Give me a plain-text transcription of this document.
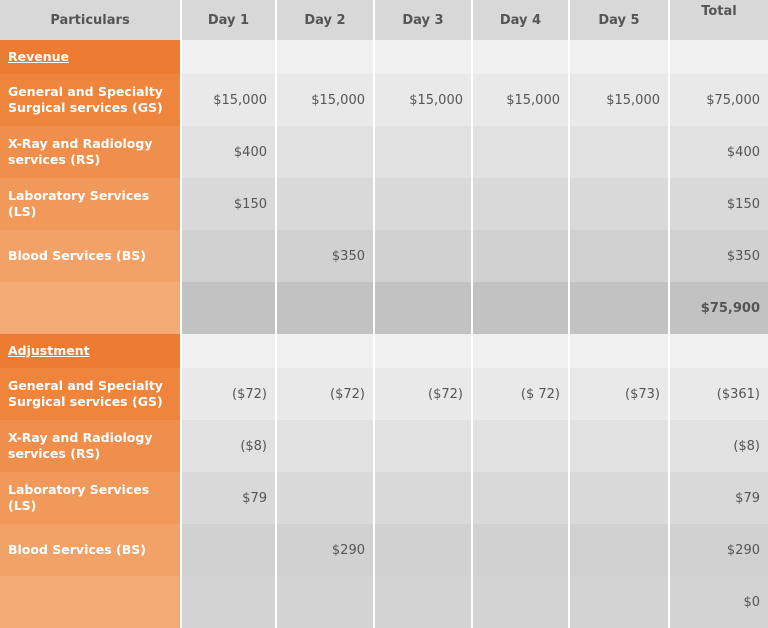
Particulars	Day 1	Day 2	Day 3	Day 4	Day 5	Total
Revenue						
General and Specialty Surgical services (GS)	$15,000	$15,000	$15,000	$15,000	$15,000	$75,000
X-Ray and Radiology services (RS)	$400					$400
Laboratory Services (LS)	$150					$150
Blood Services (BS)		$350				$350
						$75,900
Adjustment						
General and Specialty Surgical services (GS)	($72)	($72)	($72)	($ 72)	($73)	($361)
X-Ray and Radiology services (RS)	($8)					($8)
Laboratory Services (LS)	$79					$79
Blood Services (BS)		$290				$290
						$0
